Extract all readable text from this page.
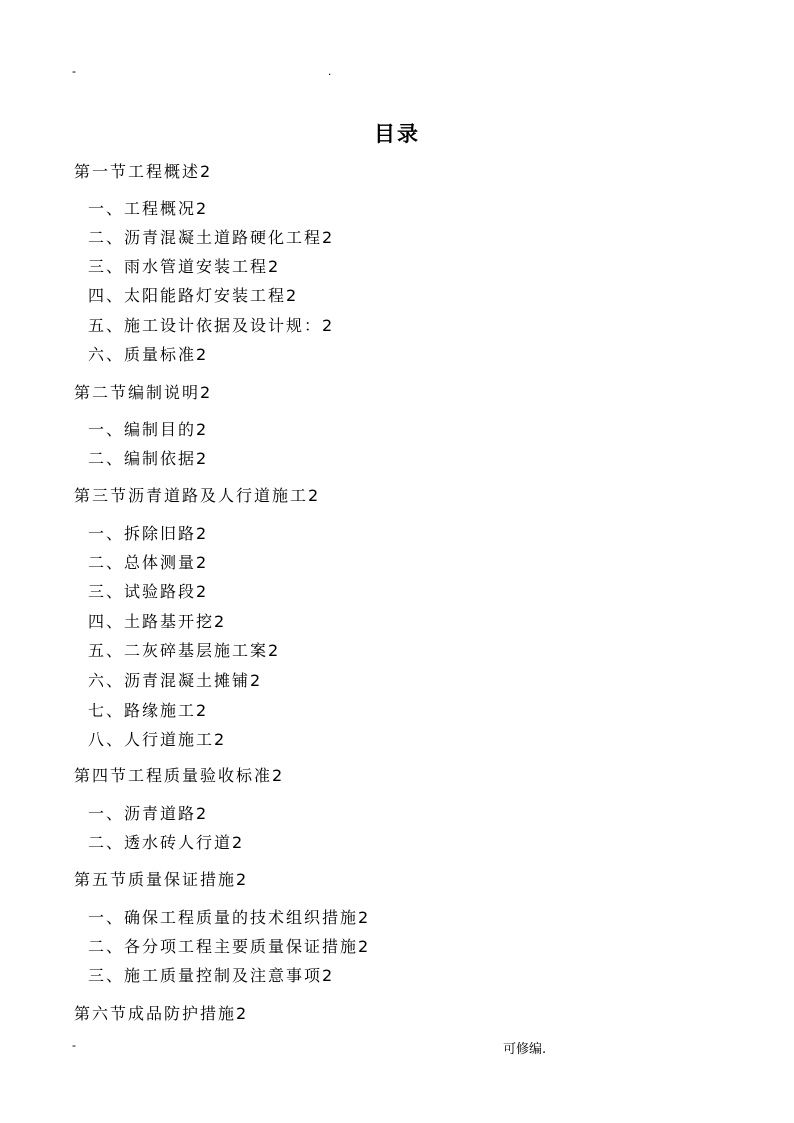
-	.
目录
第一节工程概述2
一、工程概况2
二、沥青混凝土道路硬化工程2
三、雨水管道安装工程2
四、太阳能路灯安装工程2
五、施工设计依据及设计规：2
六、质量标准2
第二节编制说明2
一、编制目的2
二、编制依据2
第三节沥青道路及人行道施工2
一、拆除旧路2
二、总体测量2
三、试验路段2
四、土路基开挖2
五、二灰碎基层施工案2
六、沥青混凝土摊铺2
七、路缘施工2
八、人行道施工2
第四节工程质量验收标准2
一、沥青道路2
二、透水砖人行道2
第五节质量保证措施2
一、确保工程质量的技术组织措施2
二、各分项工程主要质量保证措施2
三、施工质量控制及注意事项2
第六节成品防护措施2
-	可修编.
